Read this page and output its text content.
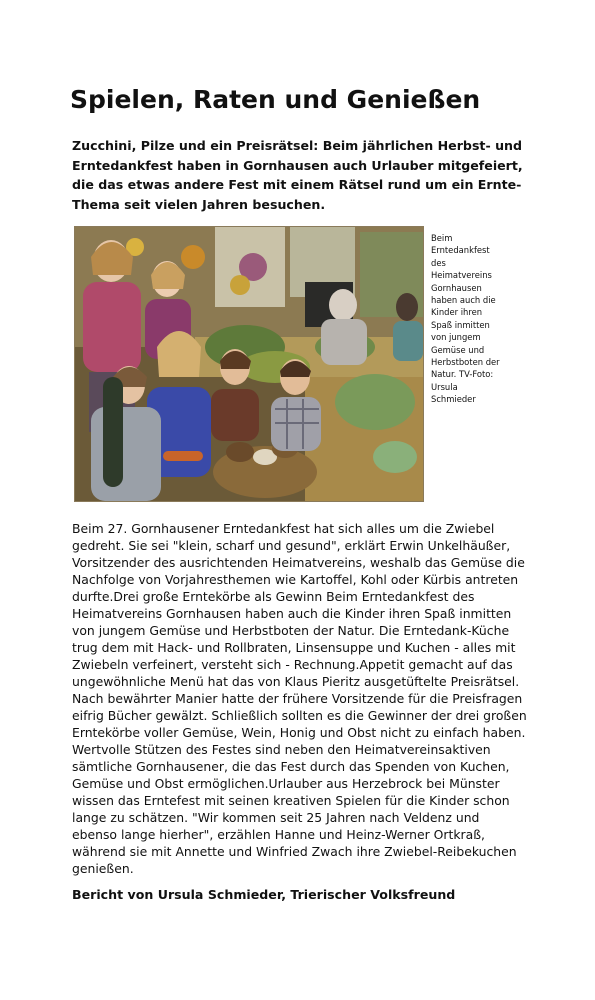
Spielen, Raten und Genießen

Zucchini, Pilze und ein Preisrätsel: Beim jährlichen Herbst- und Erntedankfest haben in Gornhausen auch Urlauber mitgefeiert, die das etwas andere Fest mit einem Rätsel rund um ein Ernte-Thema seit vielen Jahren besuchen.

Beim Erntedankfest des Heimatvereins Gornhausen haben auch die Kinder ihren Spaß inmitten von jungem Gemüse und Herbstboten der Natur. TV-Foto: Ursula Schmieder

Beim 27. Gornhausener Erntedankfest hat sich alles um die Zwiebel gedreht. Sie sei "klein, scharf und gesund", erklärt Erwin Unkelhäußer, Vorsitzender des ausrichtenden Heimatvereins, weshalb das Gemüse die Nachfolge von Vorjahresthemen wie Kartoffel, Kohl oder Kürbis antreten durfte.Drei große Erntekörbe als Gewinn Beim Erntedankfest des Heimatvereins Gornhausen haben auch die Kinder ihren Spaß inmitten von jungem Gemüse und Herbstboten der Natur. Die Erntedank-Küche trug dem mit Hack- und Rollbraten, Linsensuppe und Kuchen - alles mit Zwiebeln verfeinert, versteht sich - Rechnung.Appetit gemacht auf das ungewöhnliche Menü hat das von Klaus Pieritz ausgetüftelte Preisrätsel. Nach bewährter Manier hatte der frühere Vorsitzende für die Preisfragen eifrig Bücher gewälzt. Schließlich sollten es die Gewinner der drei großen Erntekörbe voller Gemüse, Wein, Honig und Obst nicht zu einfach haben. Wertvolle Stützen des Festes sind neben den Heimatvereinsaktiven sämtliche Gornhausener, die das Fest durch das Spenden von Kuchen, Gemüse und Obst ermöglichen.Urlauber aus Herzebrock bei Münster wissen das Erntefest mit seinen kreativen Spielen für die Kinder schon lange zu schätzen. "Wir kommen seit 25 Jahren nach Veldenz und ebenso lange hierher", erzählen Hanne und Heinz-Werner Ortkraß, während sie mit Annette und Winfried Zwach ihre Zwiebel-Reibekuchen genießen.

Bericht von Ursula Schmieder, Trierischer Volksfreund
